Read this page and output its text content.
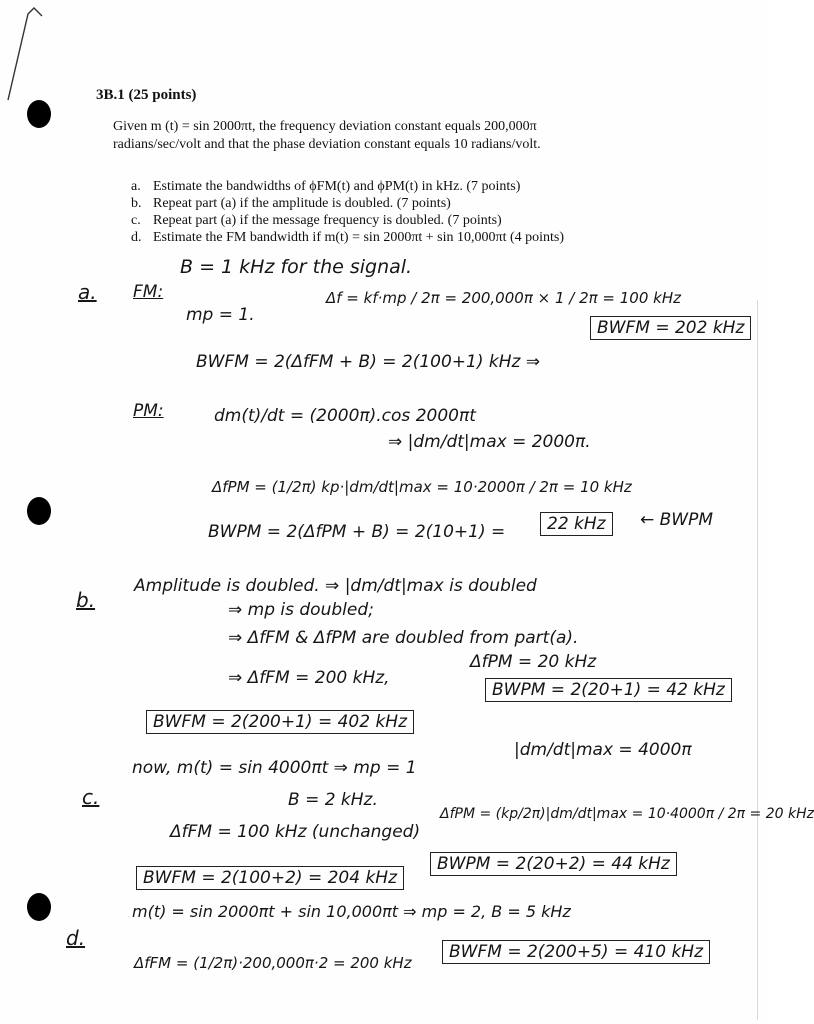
3B.1 (25 points)
Given m (t) = sin 2000πt, the frequency deviation constant equals 200,000π
radians/sec/volt and that the phase deviation constant equals 10 radians/volt.
a. Estimate the bandwidths of ϕFM(t) and ϕPM(t) in kHz. (7 points)
b. Repeat part (a) if the amplitude is doubled. (7 points)
c. Repeat part (a) if the message frequency is doubled. (7 points)
d. Estimate the FM bandwidth if m(t) = sin 2000πt + sin 10,000πt (4 points)
B = 1 kHz for the signal.
a. FM:
mp = 1.
Δf = kf·mp / 2π = 200,000π × 1 / 2π = 100 kHz
BWFM = 2(ΔfFM + B) = 2(100+1) kHz ⇒
BWFM = 202 kHz
PM:	dm(t)/dt = (2000π).cos 2000πt
⇒ |dm/dt|max = 2000π.
ΔfPM = (1/2π) kp·|dm/dt|max = 10·2000π / 2π = 10 kHz
BWPM = 2(ΔfPM + B) = 2(10+1) =	22 kHz	← BWPM
b.
Amplitude is doubled. ⇒ |dm/dt|max is doubled
⇒ mp is doubled;
⇒ ΔfFM & ΔfPM are doubled from part(a).
⇒ ΔfFM = 200 kHz,
ΔfPM = 20 kHz
BWFM = 2(200+1) = 402 kHz
BWPM = 2(20+1) = 42 kHz
c.
now, m(t) = sin 4000πt ⇒ mp = 1
|dm/dt|max = 4000π
B = 2 kHz.
ΔfFM = 100 kHz (unchanged)
ΔfPM = (kp/2π)|dm/dt|max = 10·4000π / 2π = 20 kHz
BWFM = 2(100+2) = 204 kHz
BWPM = 2(20+2) = 44 kHz
d.
m(t) = sin 2000πt + sin 10,000πt ⇒ mp = 2, B = 5 kHz
ΔfFM = (1/2π)·200,000π·2 = 200 kHz
BWFM = 2(200+5) = 410 kHz
